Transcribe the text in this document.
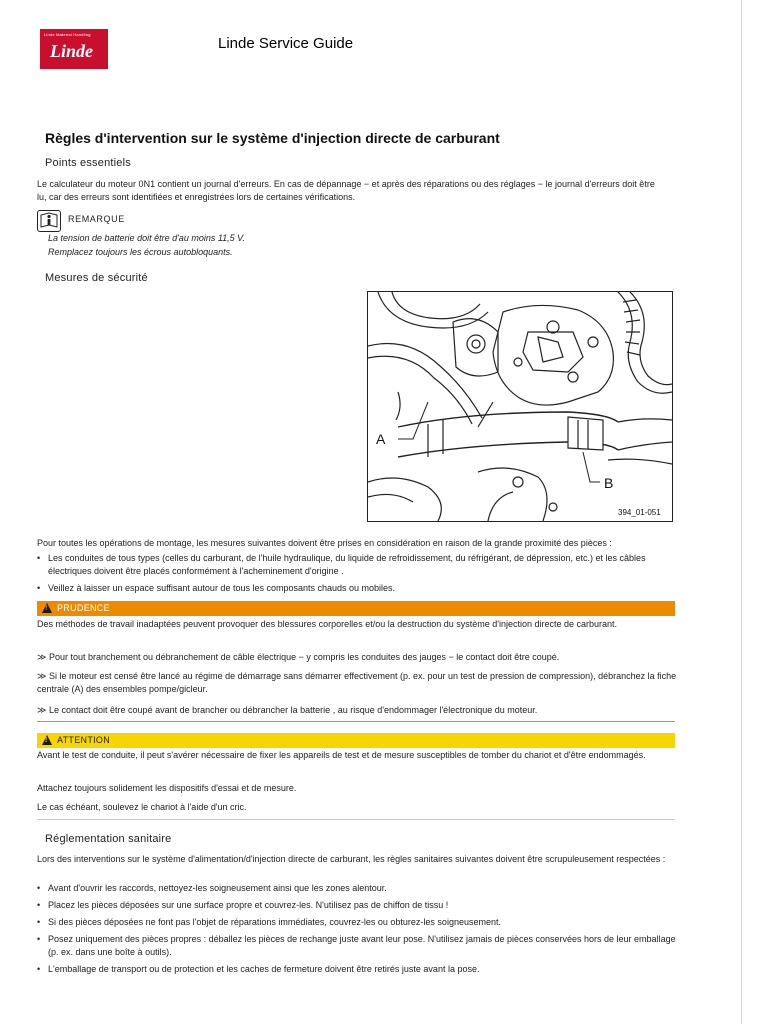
Linde Material Handling
Linde	Linde Service Guide
Règles d'intervention sur le système d'injection directe de carburant
Points essentiels
Le calculateur du moteur 0N1 contient un journal d'erreurs. En cas de dépannage − et après des réparations ou des réglages − le journal d'erreurs doit être
lu, car des erreurs sont identifiées et enregistrées lors de certaines vérifications.
REMARQUE
La tension de batterie doit être d'au moins 11,5 V.
Remplacez toujours les écrous autobloquants.
Mesures de sécurité
A
B
394_01-051
Pour toutes les opérations de montage, les mesures suivantes doivent être prises en considération en raison de la grande proximité des pièces :
• Les conduites de tous types (celles du carburant, de l'huile hydraulique, du liquide de refroidissement, du réfrigérant, de dépression, etc.) et les câbles électriques doivent être placés conformément à l'acheminement d'origine .
• Veillez à laisser un espace suffisant autour de tous les composants chauds ou mobiles.
! PRUDENCE
Des méthodes de travail inadaptées peuvent provoquer des blessures corporelles et/ou la destruction du système d'injection directe de carburant.
≫ Pour tout branchement ou débranchement de câble électrique − y compris les conduites des jauges − le contact doit être coupé.
≫ Si le moteur est censé être lancé au régime de démarrage sans démarrer effectivement (p. ex. pour un test de pression de compression), débranchez la fiche centrale (A) des ensembles pompe/gicleur.
≫ Le contact doit être coupé avant de brancher ou débrancher la batterie , au risque d'endommager l'électronique du moteur.
! ATTENTION
Avant le test de conduite, il peut s'avérer nécessaire de fixer les appareils de test et de mesure susceptibles de tomber du chariot et d'être endommagés.
Attachez toujours solidement les dispositifs d'essai et de mesure.
Le cas échéant, soulevez le chariot à l'aide d'un cric.
Réglementation sanitaire
Lors des interventions sur le système d'alimentation/d'injection directe de carburant, les règles sanitaires suivantes doivent être scrupuleusement respectées :
• Avant d'ouvrir les raccords, nettoyez-les soigneusement ainsi que les zones alentour.
• Placez les pièces déposées sur une surface propre et couvrez-les. N'utilisez pas de chiffon de tissu !
• Si des pièces déposées ne font pas l'objet de réparations immédiates, couvrez-les ou obturez-les soigneusement.
• Posez uniquement des pièces propres : déballez les pièces de rechange juste avant leur pose. N'utilisez jamais de pièces conservées hors de leur emballage (p. ex. dans une boîte à outils).
• L'emballage de transport ou de protection et les caches de fermeture doivent être retirés juste avant la pose.
